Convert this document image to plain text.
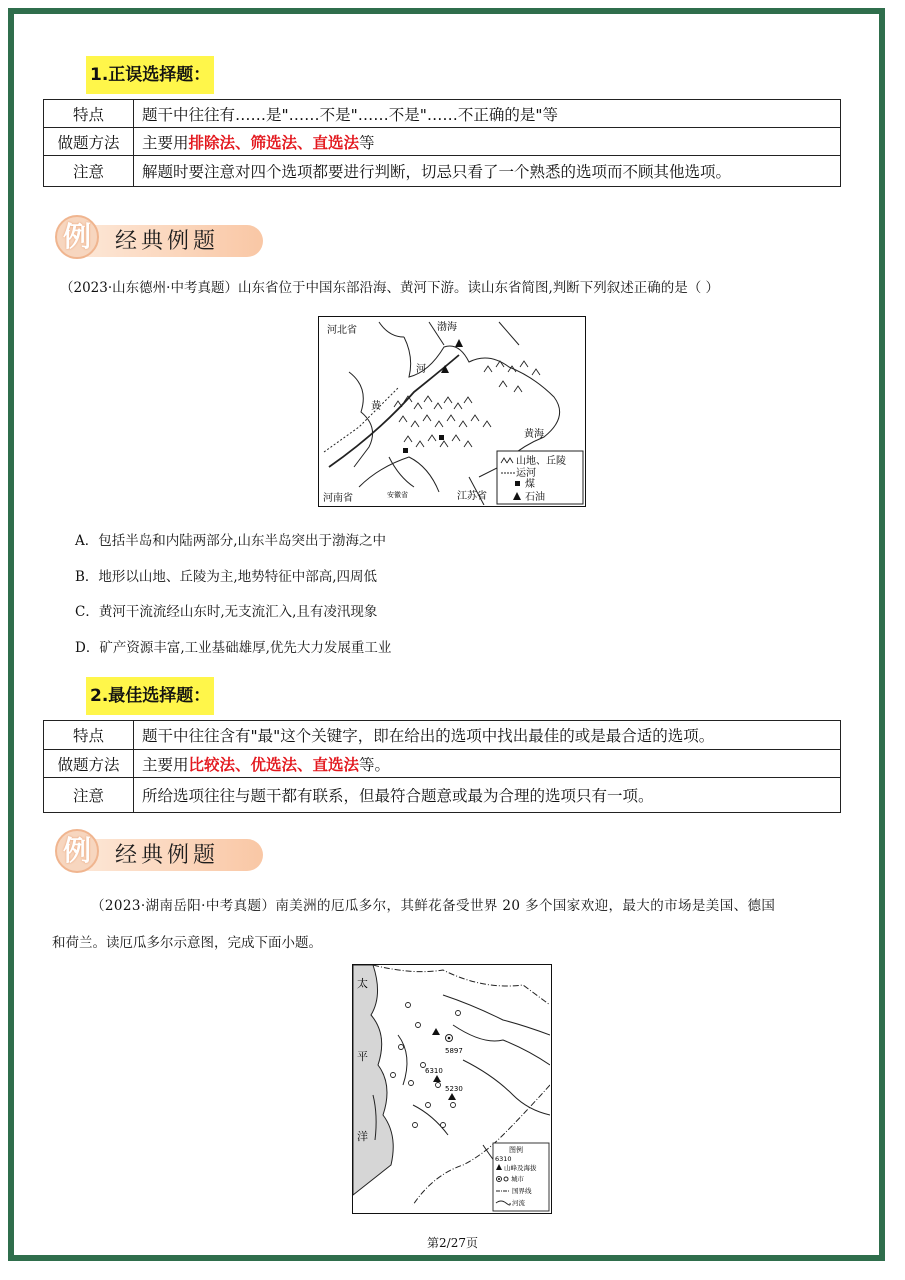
1.正误选择题：
特点	题干中往往有……是"……不是"……不是"……不正确的是"等
做题方法	主要用排除法、筛选法、直选法等
注意	解题时要注意对四个选项都要进行判断，切忌只看了一个熟悉的选项而不顾其他选项。
例	经典例题
（2023·山东德州·中考真题）山东省位于中国东部沿海、黄河下游。读山东省简图,判断下列叙述正确的是（ ）
河北省	渤海
河
黄
黄海
河南省	江苏省
安徽省
山地、丘陵
运河
煤
石油
A．包括半岛和内陆两部分,山东半岛突出于渤海之中
B．地形以山地、丘陵为主,地势特征中部高,四周低
C．黄河干流流经山东时,无支流汇入,且有凌汛现象
D．矿产资源丰富,工业基础雄厚,优先大力发展重工业
2.最佳选择题：
特点	题干中往往含有"最"这个关键字，即在给出的选项中找出最佳的或是最合适的选项。
做题方法	主要用比较法、优选法、直选法等。
注意	所给选项往往与题干都有联系，但最符合题意或最为合理的选项只有一项。
例	经典例题
（2023·湖南岳阳·中考真题）南美洲的厄瓜多尔，其鲜花备受世界 20 多个国家欢迎，最大的市场是美国、德国
和荷兰。读厄瓜多尔示意图，完成下面小题。
太
平
洋
5897
6310
5230
图例
6310
山峰及海拔
城市
国界线
河流
第2/27页
